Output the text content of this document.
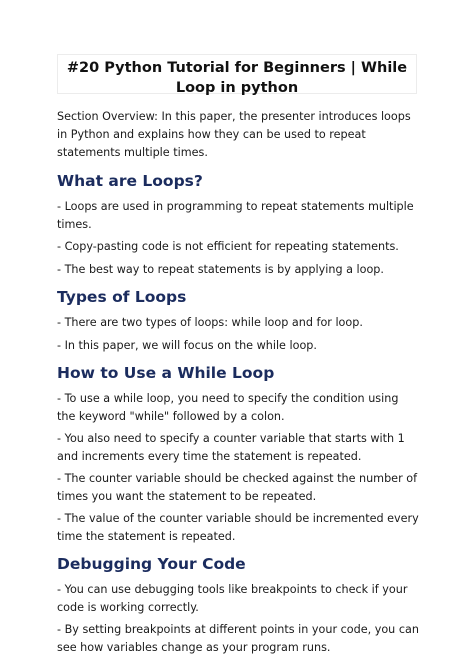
#20 Python Tutorial for Beginners | While Loop in python

Section Overview: In this paper, the presenter introduces loops in Python and explains how they can be used to repeat statements multiple times.

What are Loops?

- Loops are used in programming to repeat statements multiple times.

- Copy-pasting code is not efficient for repeating statements.

- The best way to repeat statements is by applying a loop.

Types of Loops

- There are two types of loops: while loop and for loop.

- In this paper, we will focus on the while loop.

How to Use a While Loop

- To use a while loop, you need to specify the condition using the keyword "while" followed by a colon.

- You also need to specify a counter variable that starts with 1 and increments every time the statement is repeated.

- The counter variable should be checked against the number of times you want the statement to be repeated.

- The value of the counter variable should be incremented every time the statement is repeated.

Debugging Your Code

- You can use debugging tools like breakpoints to check if your code is working correctly.

- By setting breakpoints at different points in your code, you can see how variables change as your program runs.
